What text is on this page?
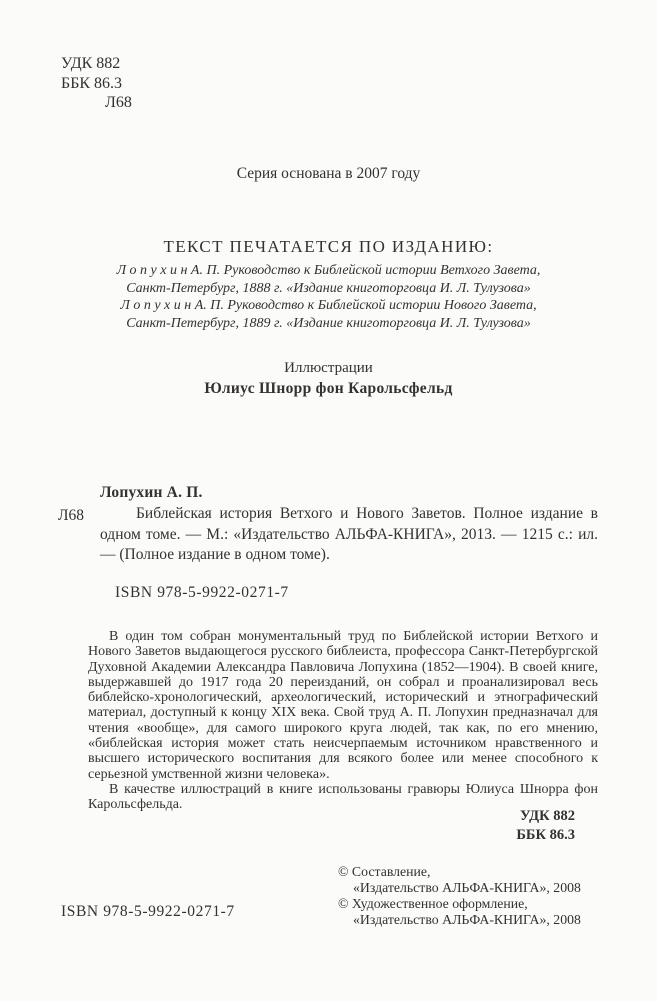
УДК 882
ББК 86.3
Л68
Серия основана в 2007 году
ТЕКСТ ПЕЧАТАЕТСЯ ПО ИЗДАНИЮ:
Л о п у х и н А. П. Руководство к Библейской истории Ветхого Завета,
Санкт-Петербург, 1888 г. «Издание книготорговца И. Л. Тулузова»
Л о п у х и н А. П. Руководство к Библейской истории Нового Завета,
Санкт-Петербург, 1889 г. «Издание книготорговца И. Л. Тулузова»
Иллюстрации
Юлиус Шнорр фон Карольсфельд
Лопухин А. П.
Л68	Библейская история Ветхого и Нового Заветов. Полное издание в одном томе. — М.: «Издательство АЛЬФА-КНИГА», 2013. — 1215 с.: ил. — (Полное издание в одном томе).
ISBN 978-5-9922-0271-7

В один том собран монументальный труд по Библейской истории Ветхого и Нового Заветов выдающегося русского библеиста, профессора Санкт-Петербургской Духовной Академии Александра Павловича Лопухина (1852—1904). В своей книге, выдержавшей до 1917 года 20 переизданий, он собрал и проанализировал весь библейско-хронологический, археологический, исторический и этнографический материал, доступный к концу XIX века. Свой труд А. П. Лопухин предназначал для чтения «вообще», для самого широкого круга людей, так как, по его мнению, «библейская история может стать неисчерпаемым источником нравственного и высшего исторического воспитания для всякого более или менее способного к серьезной умственной жизни человека».

В качестве иллюстраций в книге использованы гравюры Юлиуса Шнорра фон Карольсфельда.

УДК 882
ББК 86.3
© Составление,
«Издательство АЛЬФА-КНИГА», 2008
© Художественное оформление,
«Издательство АЛЬФА-КНИГА», 2008
ISBN 978-5-9922-0271-7
